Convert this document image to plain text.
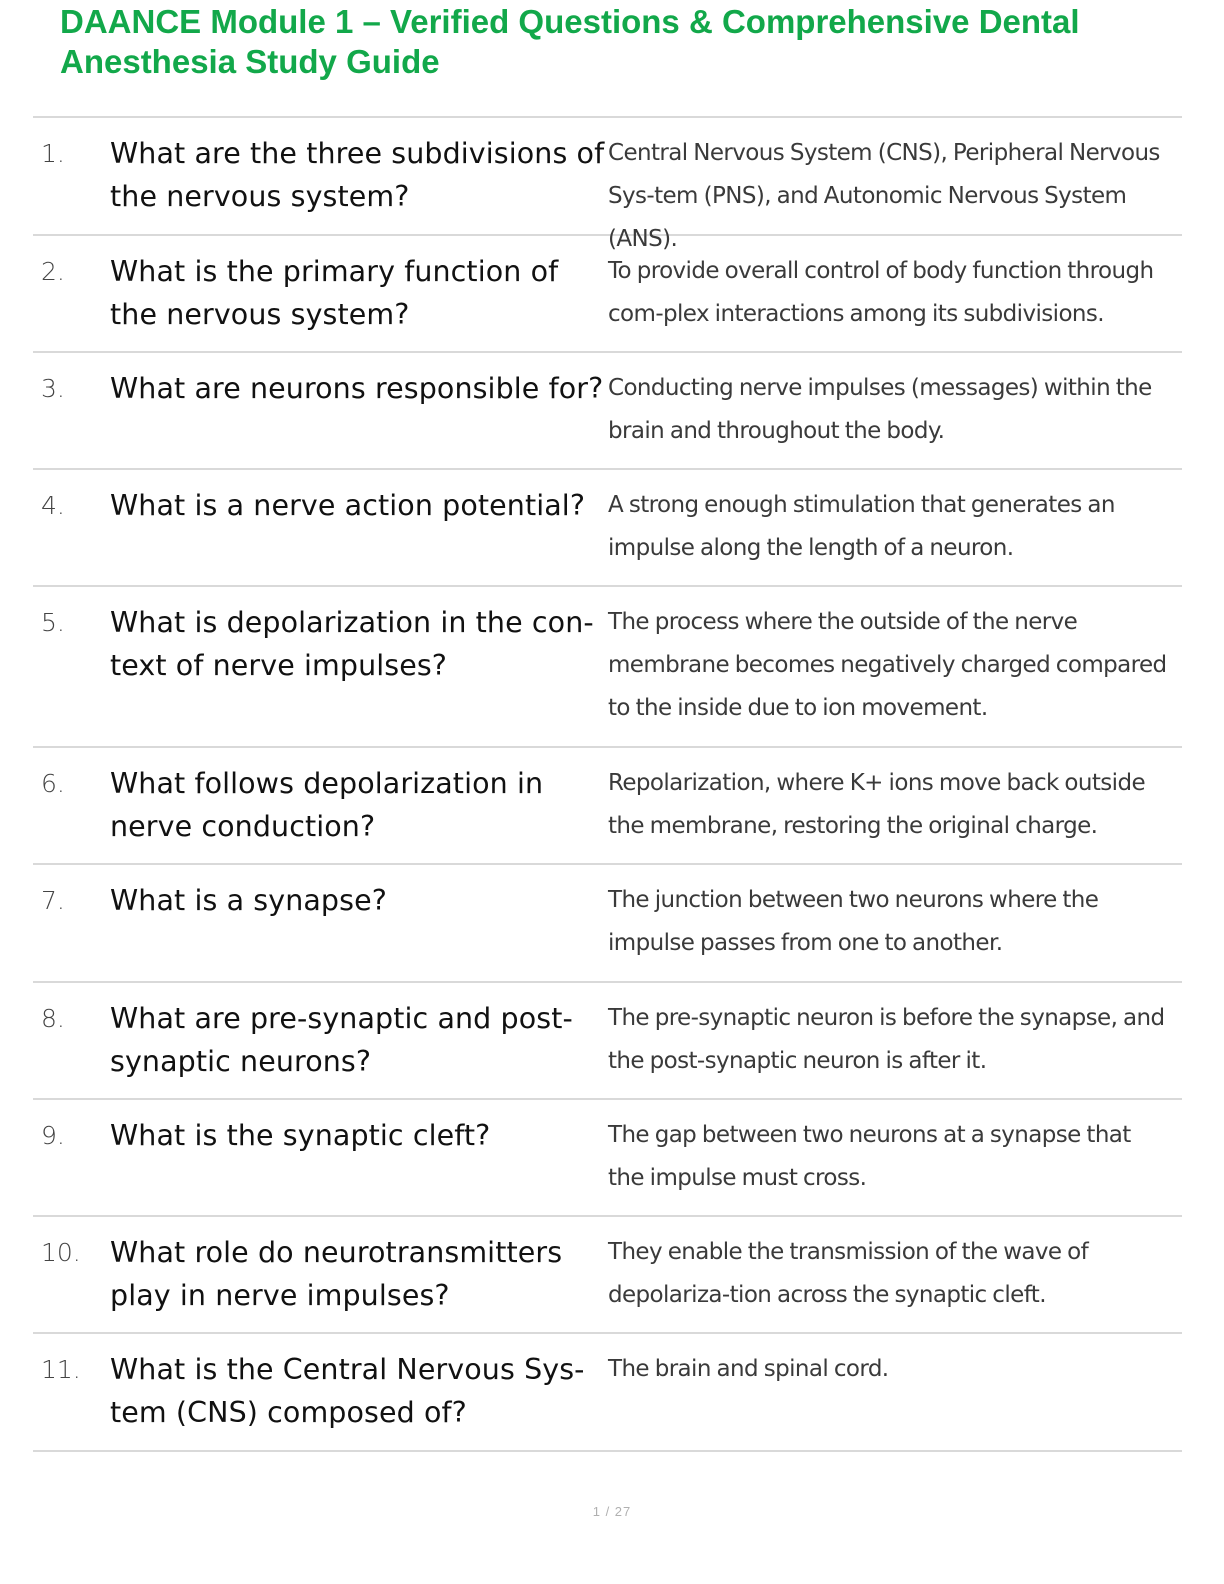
DAANCE Module 1 – Verified Questions & Comprehensive Dental Anesthesia Study Guide
1.	What are the three subdivisions of the nervous system?
Central Nervous System (CNS), Peripheral Nervous Sys-tem (PNS), and Autonomic Nervous System (ANS).
2.	What is the primary function of the nervous system?
To provide overall control of body function through com-plex interactions among its subdivisions.
3.	What are neurons responsible for? Conducting nerve impulses (messages) within the brain and throughout the body.
4.	What is a nerve action potential? A strong enough stimulation that generates an impulse along the length of a neuron.
5.	What is depolarization in the con-text of nerve impulses?
The process where the outside of the nerve membrane becomes negatively charged compared to the inside due to ion movement.
6.	What follows depolarization in nerve conduction?
Repolarization, where K+ ions move back outside the membrane, restoring the original charge.
7.	What is a synapse?	The junction between two neurons where the impulse passes from one to another.
8.	What are pre-synaptic and post-synaptic neurons?
The pre-synaptic neuron is before the synapse, and the post-synaptic neuron is after it.
9.	What is the synaptic cleft?	The gap between two neurons at a synapse that the impulse must cross.
10.	What role do neurotransmitters play in nerve impulses?
They enable the transmission of the wave of depolariza-tion across the synaptic cleft.
11.	What is the Central Nervous Sys-tem (CNS) composed of?
The brain and spinal cord.
1 / 27
